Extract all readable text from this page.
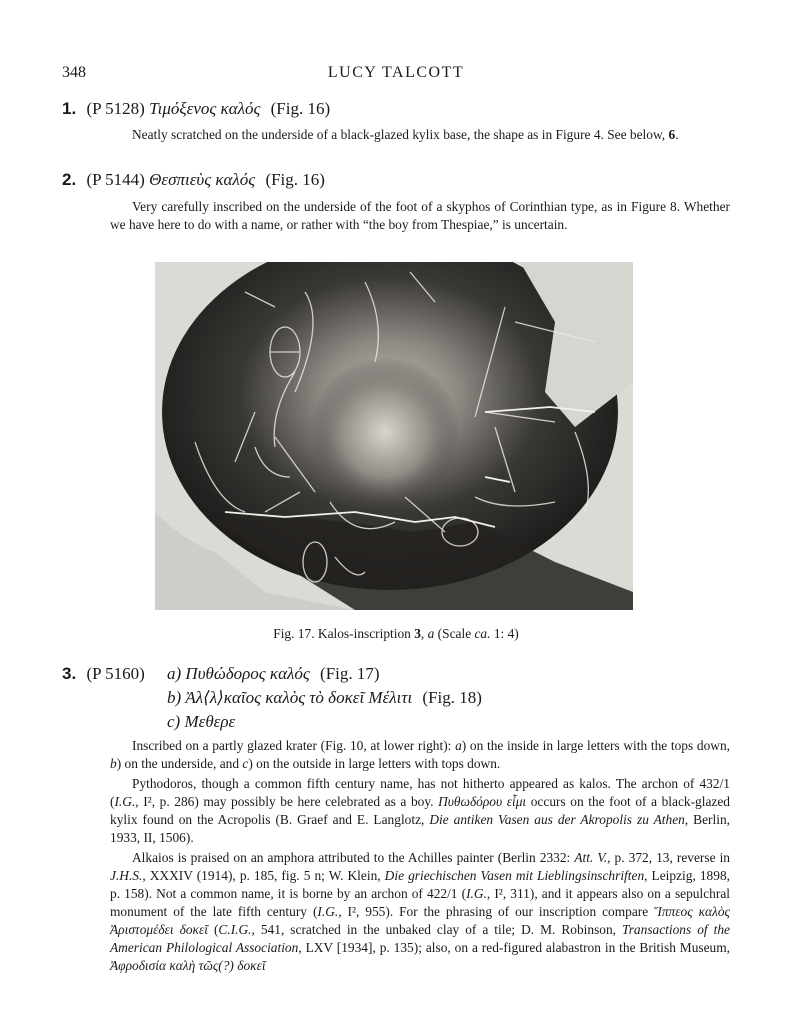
348	LUCY TALCOTT
1. (P 5128) Τιμόξενος καλός (Fig. 16)
Neatly scratched on the underside of a black-glazed kylix base, the shape as in Figure 4. See below, 6.
2. (P 5144) Θεσπιεὺς καλός (Fig. 16)
Very carefully inscribed on the underside of the foot of a skyphos of Corinthian type, as in Figure 8. Whether we have here to do with a name, or rather with “the boy from Thespiae,” is uncertain.
Fig. 17. Kalos-inscription 3, a (Scale ca. 1: 4)
3. (P 5160) a) Πυθώδορος καλός (Fig. 17)
b) Ἀλ⟨λ⟩καῖος καλὸς τὸ δοκεῖ Μέλιτι (Fig. 18)
c) Μεθερε
Inscribed on a partly glazed krater (Fig. 10, at lower right): a) on the inside in large letters with the tops down, b) on the underside, and c) on the outside in large letters with tops down.
Pythodoros, though a common fifth century name, has not hitherto appeared as kalos. The archon of 432/1 (I.G., I², p. 286) may possibly be here celebrated as a boy. Πυθωδόρου εἶμι occurs on the foot of a black-glazed kylix found on the Acropolis (B. Graef and E. Langlotz, Die antiken Vasen aus der Akropolis zu Athen, Berlin, 1933, II, 1506).
Alkaios is praised on an amphora attributed to the Achilles painter (Berlin 2332: Att. V., p. 372, 13, reverse in J.H.S., XXXIV (1914), p. 185, fig. 5 n; W. Klein, Die griechischen Vasen mit Lieblingsinschriften, Leipzig, 1898, p. 158). Not a common name, it is borne by an archon of 422/1 (I.G., I², 311), and it appears also on a sepulchral monument of the late fifth century (I.G., I², 955). For the phrasing of our inscription compare Ἵππεος καλὸς Ἀριστομέδει δοκεῖ (C.I.G., 541, scratched in the unbaked clay of a tile; D. M. Robinson, Transactions of the American Philological Association, LXV [1934], p. 135); also, on a red-figured alabastron in the British Museum, Ἀφροδισία καλὴ τῶς(?) δοκεῖ
